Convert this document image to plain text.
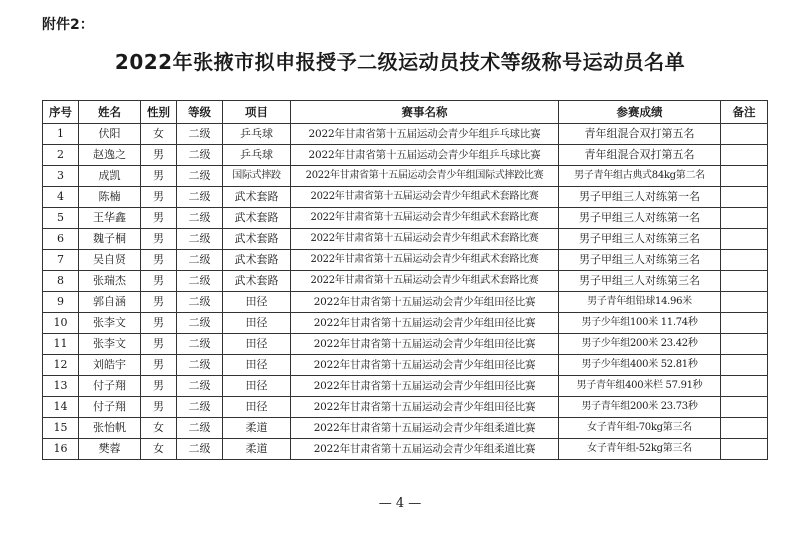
附件2：
2022年张掖市拟申报授予二级运动员技术等级称号运动员名单
序号	姓名	性别	等级	项目	赛事名称	参赛成绩	备注
1	伏阳	女	二级	乒乓球	2022年甘肃省第十五届运动会青少年组乒乓球比赛	青年组混合双打第五名	
2	赵逸之	男	二级	乒乓球	2022年甘肃省第十五届运动会青少年组乒乓球比赛	青年组混合双打第五名	
3	成凯	男	二级	国际式摔跤	2022年甘肃省第十五届运动会青少年组国际式摔跤比赛	男子青年组古典式84kg第二名	
4	陈楠	男	二级	武术套路	2022年甘肃省第十五届运动会青少年组武术套路比赛	男子甲组三人对练第一名	
5	王华鑫	男	二级	武术套路	2022年甘肃省第十五届运动会青少年组武术套路比赛	男子甲组三人对练第一名	
6	魏子桐	男	二级	武术套路	2022年甘肃省第十五届运动会青少年组武术套路比赛	男子甲组三人对练第三名	
7	吴自贤	男	二级	武术套路	2022年甘肃省第十五届运动会青少年组武术套路比赛	男子甲组三人对练第三名	
8	张瑞杰	男	二级	武术套路	2022年甘肃省第十五届运动会青少年组武术套路比赛	男子甲组三人对练第三名	
9	郭自涵	男	二级	田径	2022年甘肃省第十五届运动会青少年组田径比赛	男子青年组铅球14.96米	
10	张李文	男	二级	田径	2022年甘肃省第十五届运动会青少年组田径比赛	男子少年组100米 11.74秒	
11	张李文	男	二级	田径	2022年甘肃省第十五届运动会青少年组田径比赛	男子少年组200米 23.42秒	
12	刘皓宇	男	二级	田径	2022年甘肃省第十五届运动会青少年组田径比赛	男子少年组400米 52.81秒	
13	付子翔	男	二级	田径	2022年甘肃省第十五届运动会青少年组田径比赛	男子青年组400米栏 57.91秒	
14	付子翔	男	二级	田径	2022年甘肃省第十五届运动会青少年组田径比赛	男子青年组200米 23.73秒	
15	张怡帆	女	二级	柔道	2022年甘肃省第十五届运动会青少年组柔道比赛	女子青年组-70kg第三名	
16	樊蓉	女	二级	柔道	2022年甘肃省第十五届运动会青少年组柔道比赛	女子青年组-52kg第三名	
— 4 —
